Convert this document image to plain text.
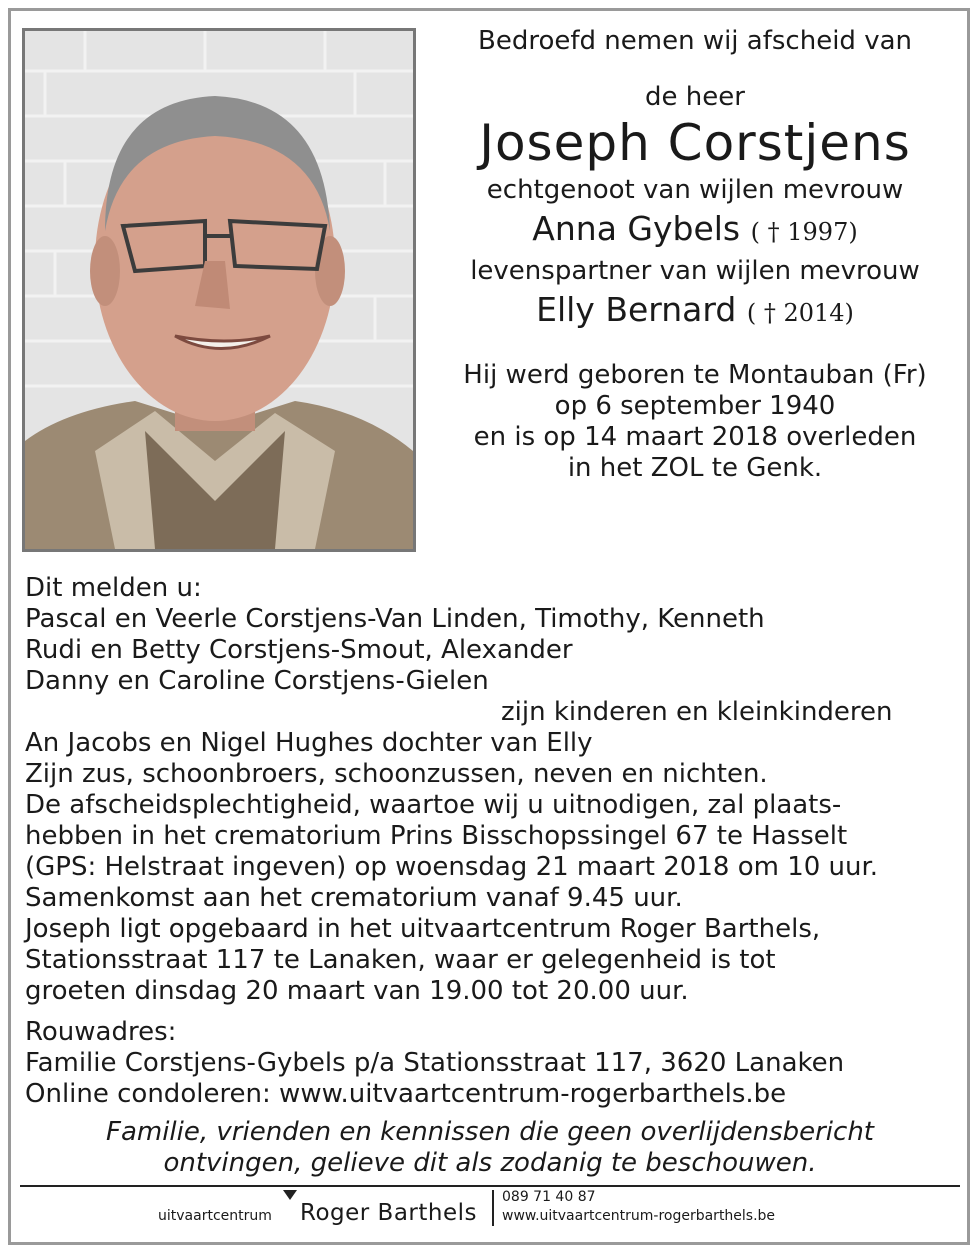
Bedroefd nemen wij afscheid van
de heer
Joseph Corstjens
echtgenoot van wijlen mevrouw
Anna Gybels ( † 1997)
levenspartner van wijlen mevrouw
Elly Bernard ( † 2014)
Hij werd geboren te Montauban (Fr)
op 6 september 1940
en is op 14 maart 2018 overleden
in het ZOL te Genk.
Dit melden u:
Pascal en Veerle Corstjens-Van Linden, Timothy, Kenneth
Rudi en Betty Corstjens-Smout, Alexander
Danny en Caroline Corstjens-Gielen
zijn kinderen en kleinkinderen
An Jacobs en Nigel Hughes dochter van Elly
Zijn zus, schoonbroers, schoonzussen, neven en nichten.
De afscheidsplechtigheid, waartoe wij u uitnodigen, zal plaats-
hebben in het crematorium Prins Bisschopssingel 67 te Hasselt
(GPS: Helstraat ingeven) op woensdag 21 maart 2018 om 10 uur.
Samenkomst aan het crematorium vanaf 9.45 uur.
Joseph ligt opgebaard in het uitvaartcentrum Roger Barthels,
Stationsstraat 117 te Lanaken, waar er gelegenheid is tot
groeten dinsdag 20 maart van 19.00 tot 20.00 uur.
Rouwadres:
Familie Corstjens-Gybels p/a Stationsstraat 117, 3620 Lanaken
Online condoleren: www.uitvaartcentrum-rogerbarthels.be
Familie, vrienden en kennissen die geen overlijdensbericht
ontvingen, gelieve dit als zodanig te beschouwen.
uitvaartcentrum Roger Barthels
089 71 40 87
www.uitvaartcentrum-rogerbarthels.be
